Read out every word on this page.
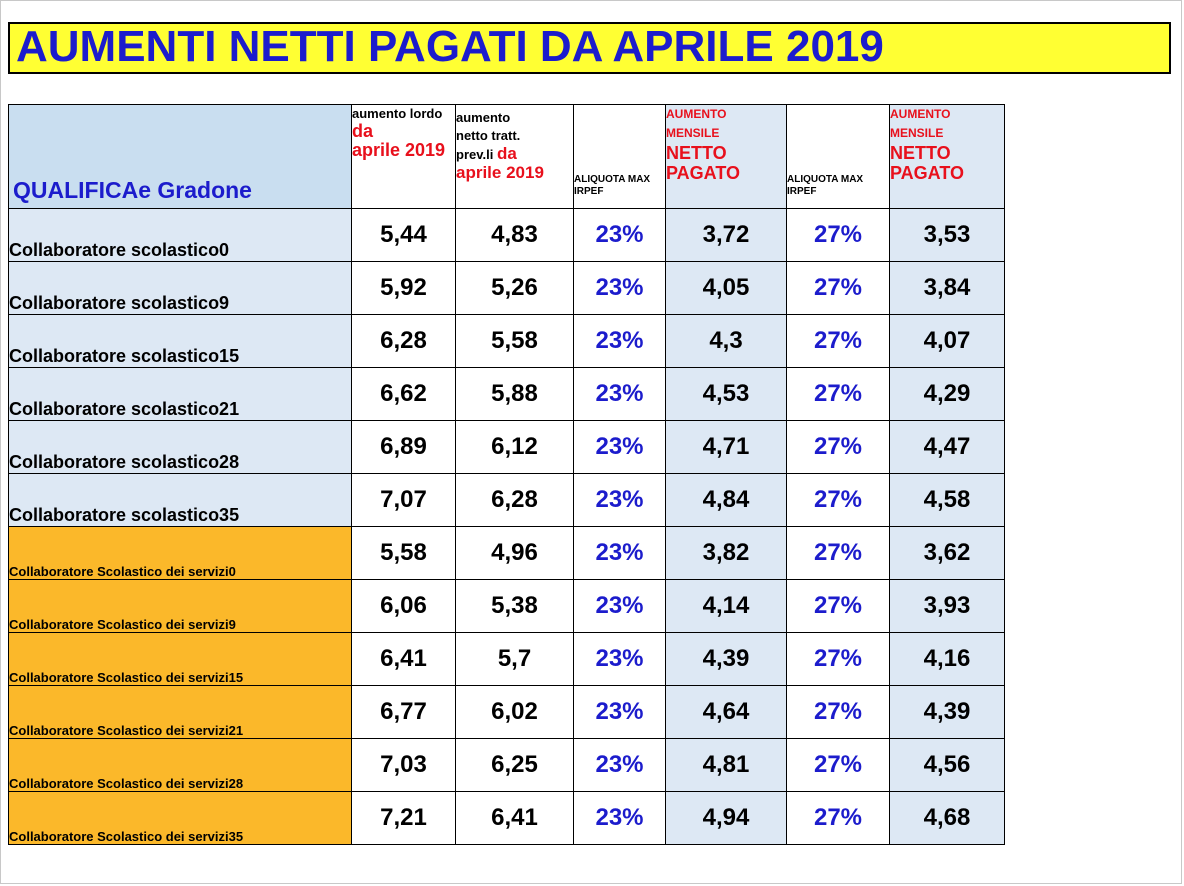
AUMENTI NETTI PAGATI DA APRILE 2019
QUALIFICAe Gradone	aumento lordo da
aprile 2019	aumento
netto tratt.
prev.li da
aprile 2019	ALIQUOTA MAX IRPEF	AUMENTO
MENSILE
NETTO PAGATO	ALIQUOTA MAX IRPEF	AUMENTO
MENSILE
NETTO PAGATO

Collaboratore scolastico0	5,44	4,83	23%	3,72	27%	3,53
Collaboratore scolastico9	5,92	5,26	23%	4,05	27%	3,84
Collaboratore scolastico15	6,28	5,58	23%	4,3	27%	4,07
Collaboratore scolastico21	6,62	5,88	23%	4,53	27%	4,29
Collaboratore scolastico28	6,89	6,12	23%	4,71	27%	4,47
Collaboratore scolastico35	7,07	6,28	23%	4,84	27%	4,58
Collaboratore Scolastico dei servizi0	5,58	4,96	23%	3,82	27%	3,62
Collaboratore Scolastico dei servizi9	6,06	5,38	23%	4,14	27%	3,93
Collaboratore Scolastico dei servizi15	6,41	5,7	23%	4,39	27%	4,16
Collaboratore Scolastico dei servizi21	6,77	6,02	23%	4,64	27%	4,39
Collaboratore Scolastico dei servizi28	7,03	6,25	23%	4,81	27%	4,56
Collaboratore Scolastico dei servizi35	7,21	6,41	23%	4,94	27%	4,68
